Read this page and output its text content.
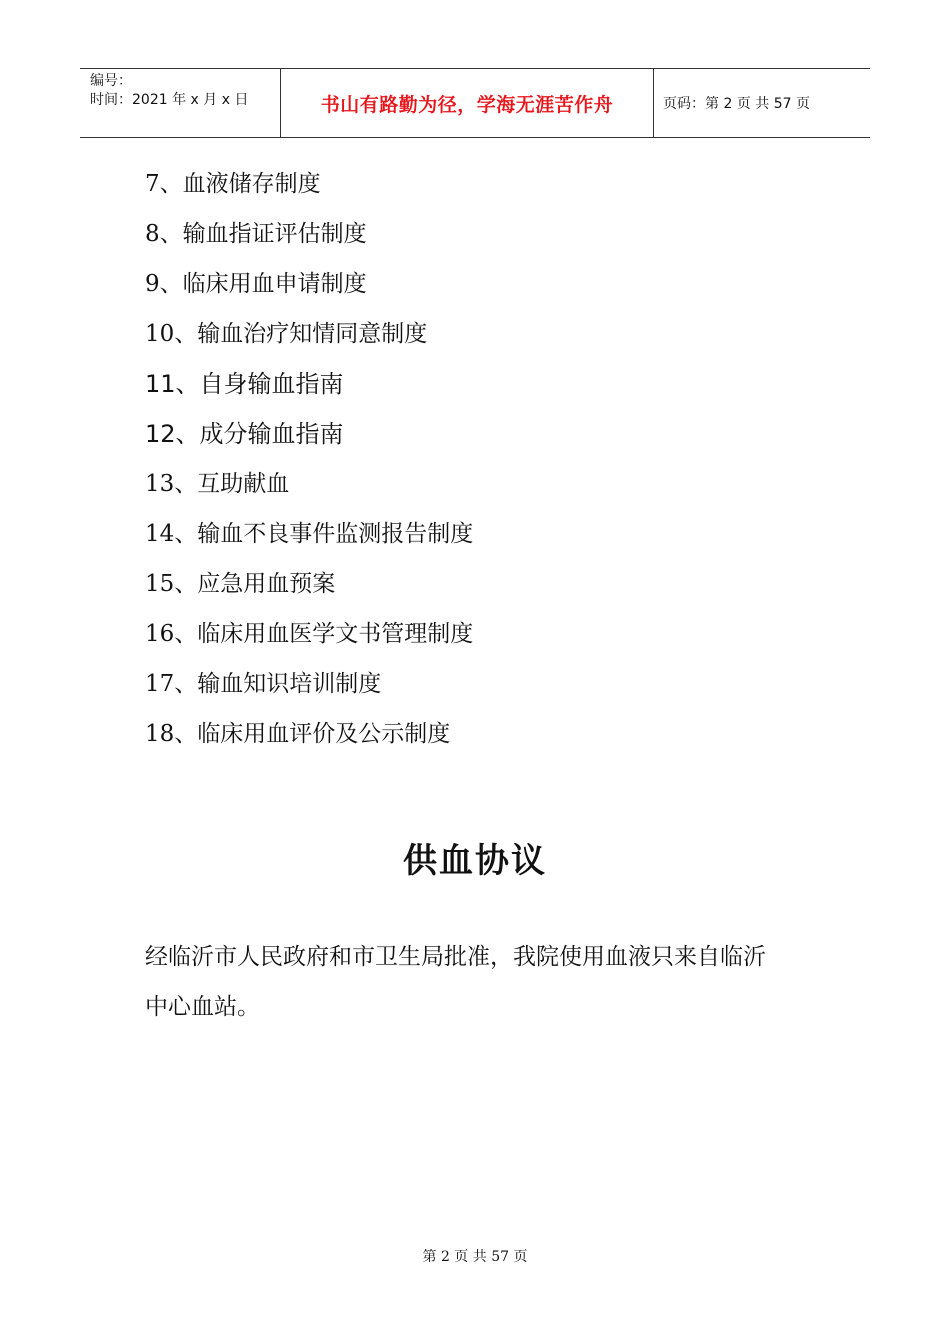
编号：
时间：2021 年 x 月 x 日	书山有路勤为径，学海无涯苦作舟	页码：第 2 页 共 57 页
7、血液储存制度
8、输血指证评估制度
9、临床用血申请制度
10、输血治疗知情同意制度
11、自身输血指南
12、成分输血指南
13、互助献血
14、输血不良事件监测报告制度
15、应急用血预案
16、临床用血医学文书管理制度
17、输血知识培训制度
18、临床用血评价及公示制度
供血协议
经临沂市人民政府和市卫生局批准，我院使用血液只来自临沂
中心血站。
第 2 页 共 57 页
